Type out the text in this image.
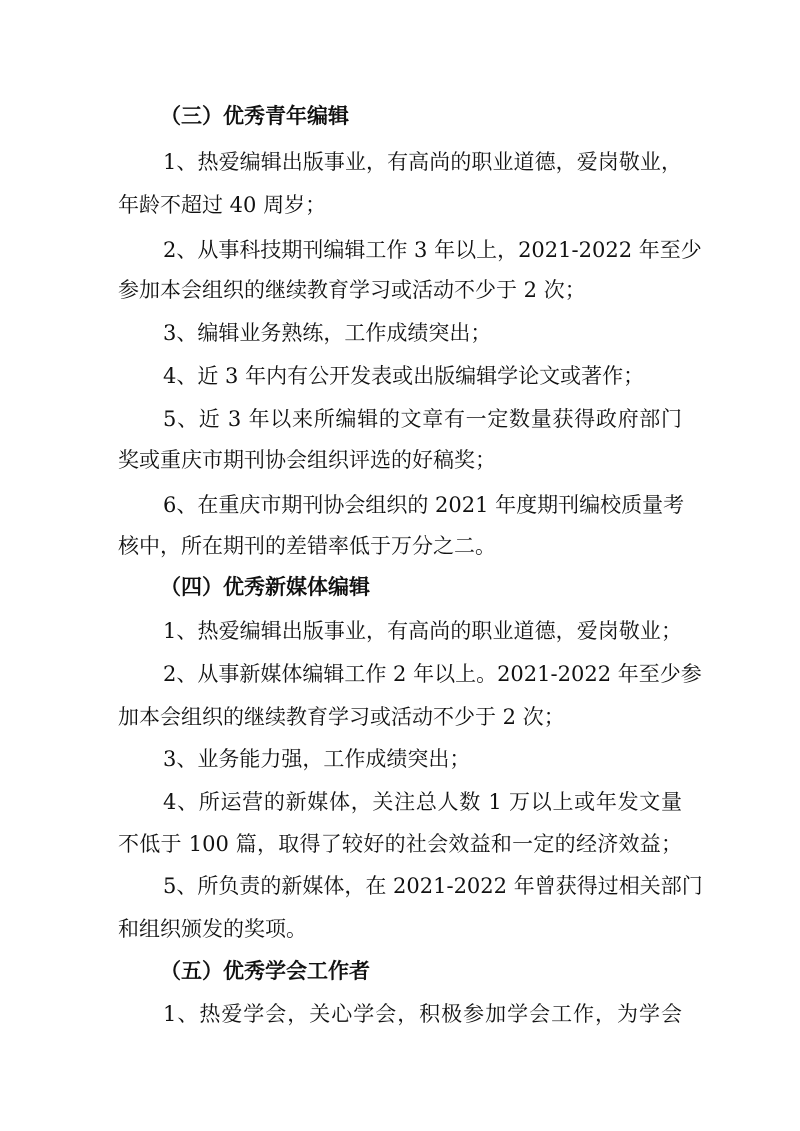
（三）优秀青年编辑

1、热爱编辑出版事业，有高尚的职业道德，爱岗敬业，

年龄不超过 40 周岁；

2、从事科技期刊编辑工作 3 年以上，2021-2022 年至少

参加本会组织的继续教育学习或活动不少于 2 次；

3、编辑业务熟练，工作成绩突出；

4、近 3 年内有公开发表或出版编辑学论文或著作；

5、近 3 年以来所编辑的文章有一定数量获得政府部门

奖或重庆市期刊协会组织评选的好稿奖；

6、在重庆市期刊协会组织的 2021 年度期刊编校质量考

核中，所在期刊的差错率低于万分之二。

（四）优秀新媒体编辑

1、热爱编辑出版事业，有高尚的职业道德，爱岗敬业；

2、从事新媒体编辑工作 2 年以上。2021-2022 年至少参

加本会组织的继续教育学习或活动不少于 2 次；

3、业务能力强，工作成绩突出；

4、所运营的新媒体，关注总人数 1 万以上或年发文量

不低于 100 篇，取得了较好的社会效益和一定的经济效益；

5、所负责的新媒体，在 2021-2022 年曾获得过相关部门

和组织颁发的奖项。

（五）优秀学会工作者

1、热爱学会，关心学会，积极参加学会工作，为学会
